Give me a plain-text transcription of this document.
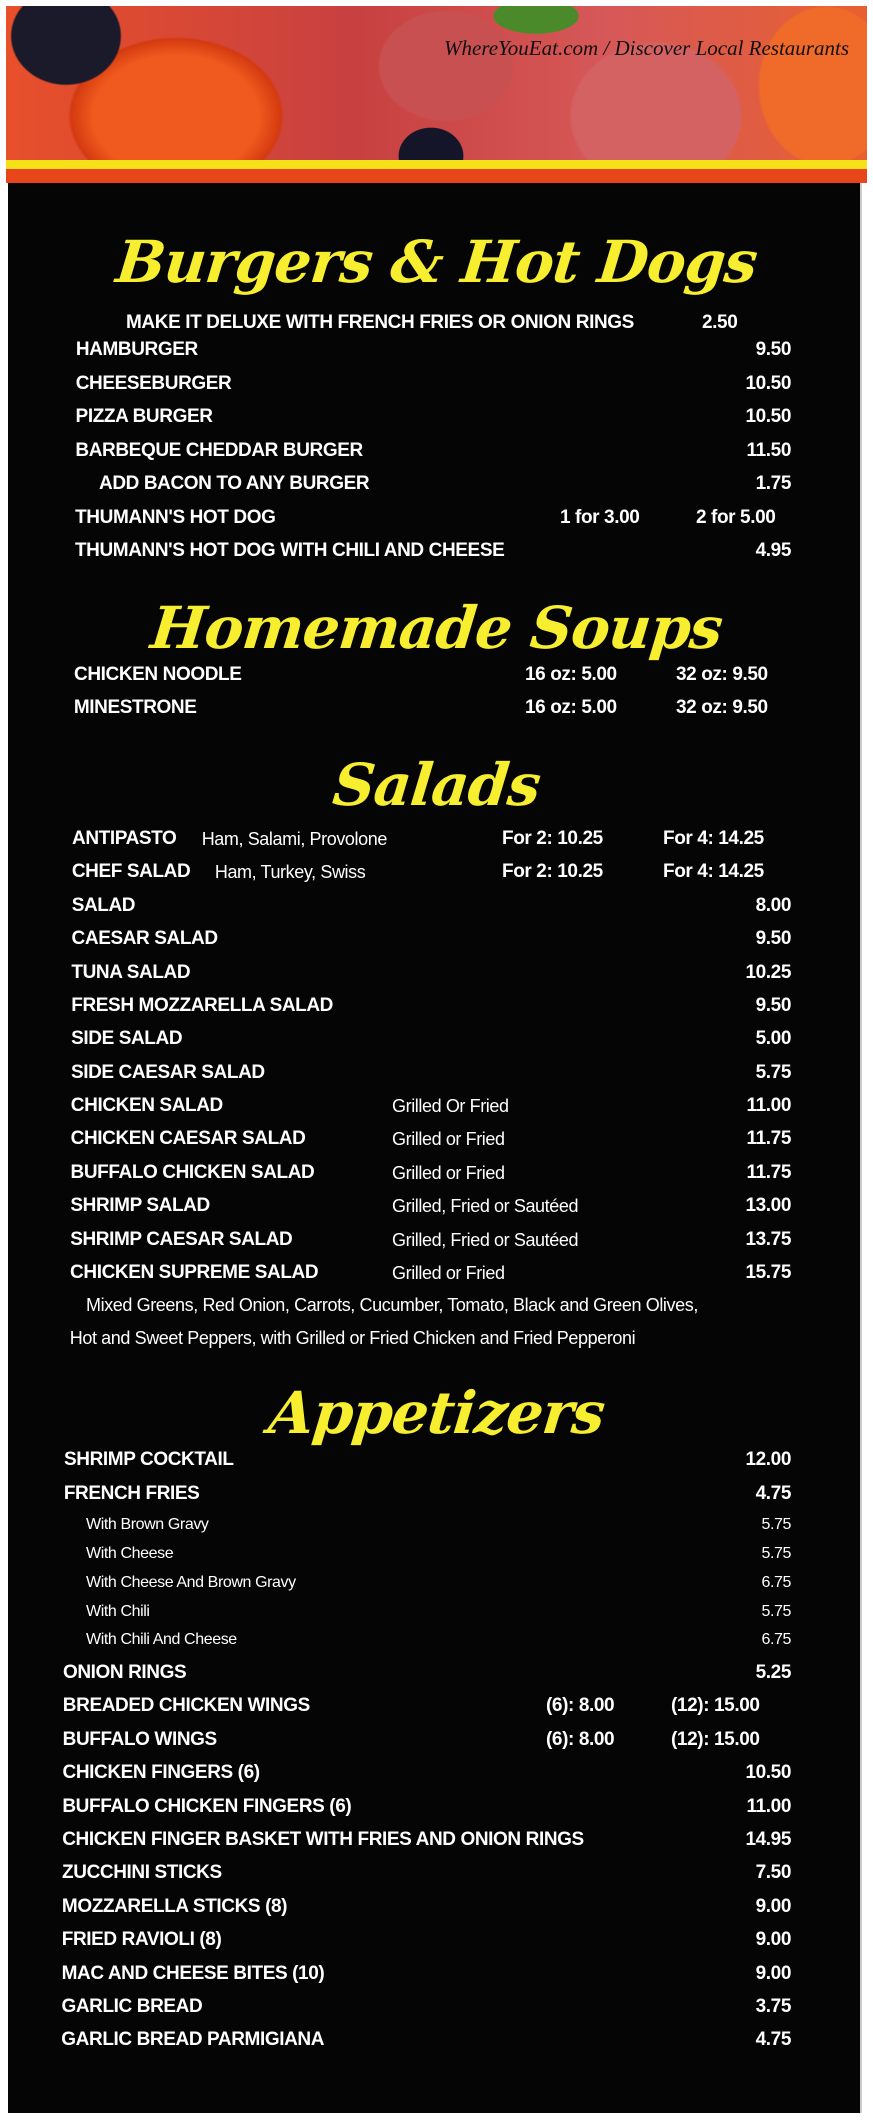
WhereYouEat.com / Discover Local Restaurants
Burgers & Hot Dogs
MAKE IT DELUXE WITH FRENCH FRIES OR ONION RINGS	2.50
HAMBURGER	9.50
CHEESEBURGER	10.50
PIZZA BURGER	10.50
BARBEQUE CHEDDAR BURGER	11.50
ADD BACON TO ANY BURGER	1.75
THUMANN'S HOT DOG	1 for 3.00	2 for 5.00
THUMANN'S HOT DOG WITH CHILI AND CHEESE	4.95
Homemade Soups
CHICKEN NOODLE	16 oz: 5.00	32 oz: 9.50
MINESTRONE	16 oz: 5.00	32 oz: 9.50
Salads
ANTIPASTO Ham, Salami, Provolone	For 2: 10.25	For 4: 14.25
CHEF SALAD Ham, Turkey, Swiss	For 2: 10.25	For 4: 14.25
SALAD	8.00
CAESAR SALAD	9.50
TUNA SALAD	10.25
FRESH MOZZARELLA SALAD	9.50
SIDE SALAD	5.00
SIDE CAESAR SALAD	5.75
CHICKEN SALAD	Grilled Or Fried	11.00
CHICKEN CAESAR SALAD	Grilled or Fried	11.75
BUFFALO CHICKEN SALAD	Grilled or Fried	11.75
SHRIMP SALAD	Grilled, Fried or Sautéed	13.00
SHRIMP CAESAR SALAD	Grilled, Fried or Sautéed	13.75
CHICKEN SUPREME SALAD	Grilled or Fried	15.75
Mixed Greens, Red Onion, Carrots, Cucumber, Tomato, Black and Green Olives,
Hot and Sweet Peppers, with Grilled or Fried Chicken and Fried Pepperoni
Appetizers
SHRIMP COCKTAIL	12.00
FRENCH FRIES	4.75
With Brown Gravy	5.75
With Cheese	5.75
With Cheese And Brown Gravy	6.75
With Chili	5.75
With Chili And Cheese	6.75
ONION RINGS	5.25
BREADED CHICKEN WINGS	(6): 8.00	(12): 15.00
BUFFALO WINGS	(6): 8.00	(12): 15.00
CHICKEN FINGERS (6)	10.50
BUFFALO CHICKEN FINGERS (6)	11.00
CHICKEN FINGER BASKET WITH FRIES AND ONION RINGS	14.95
ZUCCHINI STICKS	7.50
MOZZARELLA STICKS (8)	9.00
FRIED RAVIOLI (8)	9.00
MAC AND CHEESE BITES (10)	9.00
GARLIC BREAD	3.75
GARLIC BREAD PARMIGIANA	4.75
